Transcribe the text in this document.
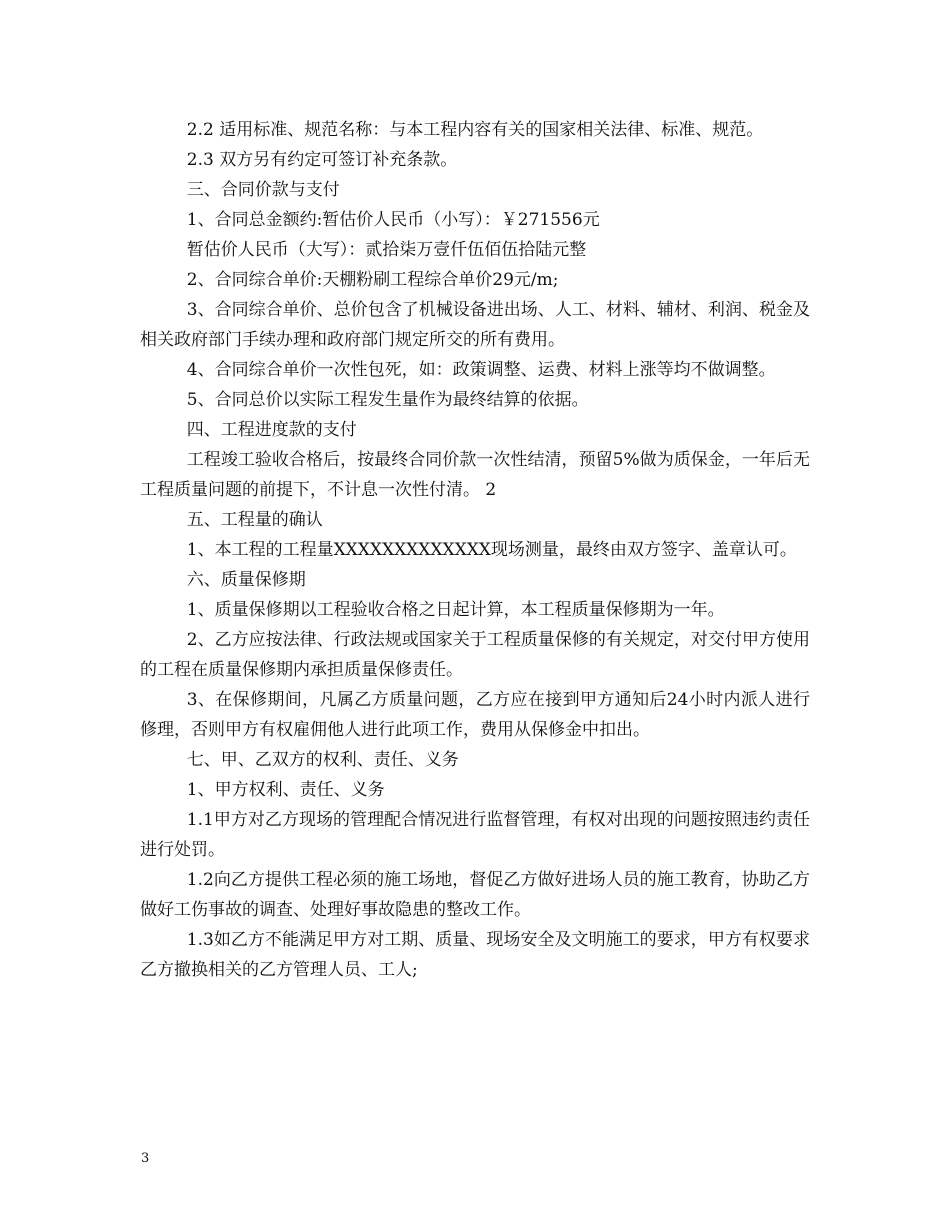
2.2 适用标准、规范名称：与本工程内容有关的国家相关法律、标准、规范。

2.3 双方另有约定可签订补充条款。

三、合同价款与支付

1、合同总金额约:暂估价人民币（小写）：￥271556元

暂估价人民币（大写）：贰拾柒万壹仟伍佰伍拾陆元整

2、合同综合单价:天棚粉刷工程综合单价29元/m;

3、合同综合单价、总价包含了机械设备进出场、人工、材料、辅材、利润、税金及相关政府部门手续办理和政府部门规定所交的所有费用。

4、合同综合单价一次性包死，如：政策调整、运费、材料上涨等均不做调整。

5、合同总价以实际工程发生量作为最终结算的依据。

四、工程进度款的支付

工程竣工验收合格后，按最终合同价款一次性结清，预留5%做为质保金，一年后无工程质量问题的前提下，不计息一次性付清。 2

五、工程量的确认

1、本工程的工程量XXXXXXXXXXXXX现场测量，最终由双方签字、盖章认可。

六、质量保修期

1、质量保修期以工程验收合格之日起计算，本工程质量保修期为一年。

2、乙方应按法律、行政法规或国家关于工程质量保修的有关规定，对交付甲方使用的工程在质量保修期内承担质量保修责任。

3、在保修期间，凡属乙方质量问题，乙方应在接到甲方通知后24小时内派人进行修理，否则甲方有权雇佣他人进行此项工作，费用从保修金中扣出。

七、甲、乙双方的权利、责任、义务

1、甲方权利、责任、义务

1.1甲方对乙方现场的管理配合情况进行监督管理，有权对出现的问题按照违约责任进行处罚。

1.2向乙方提供工程必须的施工场地，督促乙方做好进场人员的施工教育，协助乙方做好工伤事故的调查、处理好事故隐患的整改工作。

1.3如乙方不能满足甲方对工期、质量、现场安全及文明施工的要求，甲方有权要求乙方撤换相关的乙方管理人员、工人;

3
